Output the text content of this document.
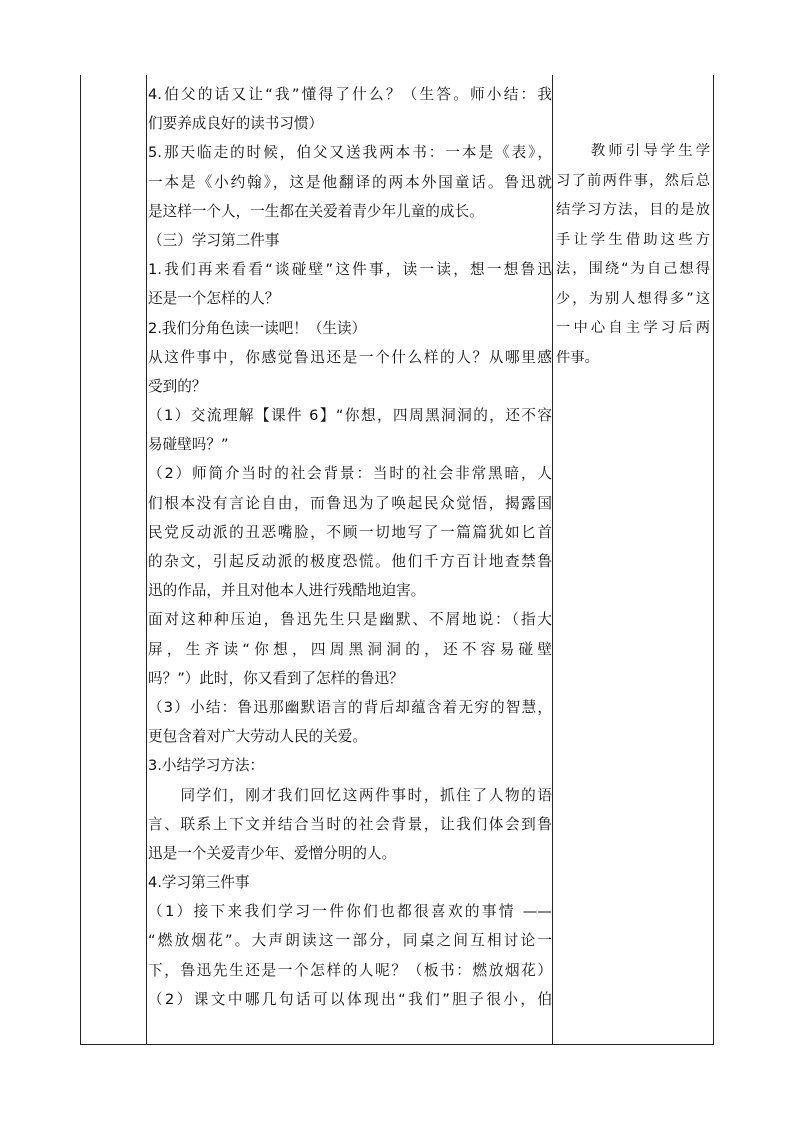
4.伯父的话又让“我”懂得了什么？（生答。师小结：我
们要养成良好的读书习惯）
5.那天临走的时候，伯父又送我两本书：一本是《表》，
一本是《小约翰》，这是他翻译的两本外国童话。鲁迅就
是这样一个人，一生都在关爱着青少年儿童的成长。
（三）学习第二件事
1.我们再来看看“谈碰壁”这件事，读一读，想一想鲁迅
还是一个怎样的人？
2.我们分角色读一读吧！（生读）
从这件事中，你感觉鲁迅还是一个什么样的人？从哪里感
受到的？
（1）交流理解【课件 6】“你想，四周黑洞洞的，还不容
易碰壁吗？”
（2）师简介当时的社会背景：当时的社会非常黑暗，人
们根本没有言论自由，而鲁迅为了唤起民众觉悟，揭露国
民党反动派的丑恶嘴脸，不顾一切地写了一篇篇犹如匕首
的杂文，引起反动派的极度恐慌。他们千方百计地查禁鲁
迅的作品，并且对他本人进行残酷地迫害。
面对这种种压迫，鲁迅先生只是幽默、不屑地说：（指大
屏，生齐读“你想，四周黑洞洞的，还不容易碰壁
吗？”）此时，你又看到了怎样的鲁迅？
（3）小结：鲁迅那幽默语言的背后却蕴含着无穷的智慧，
更包含着对广大劳动人民的关爱。
3.小结学习方法：
　　同学们，刚才我们回忆这两件事时，抓住了人物的语
言、联系上下文并结合当时的社会背景，让我们体会到鲁
迅是一个关爱青少年、爱憎分明的人。
4.学习第三件事
（1）接下来我们学习一件你们也都很喜欢的事情 ——
“燃放烟花”。大声朗读这一部分，同桌之间互相讨论一
下，鲁迅先生还是一个怎样的人呢？（板书：燃放烟花）
（2）课文中哪几句话可以体现出“我们”胆子很小，伯
　　教师引导学生学
习了前两件事，然后总
结学习方法，目的是放
手让学生借助这些方
法，围绕“为自己想得
少，为别人想得多”这
一中心自主学习后两
件事。
